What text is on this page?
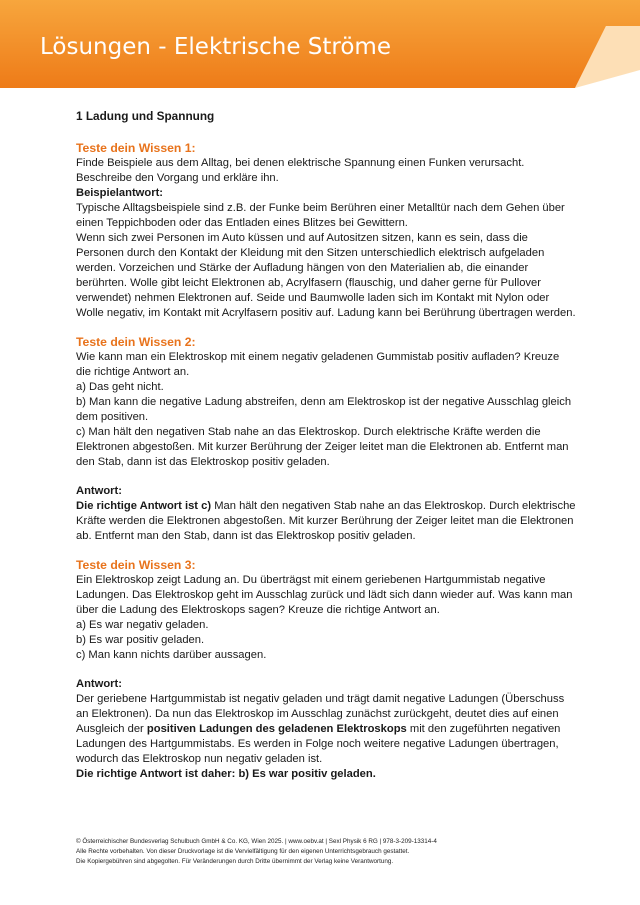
Lösungen - Elektrische Ströme

1 Ladung und Spannung

Teste dein Wissen 1:

Finde Beispiele aus dem Alltag, bei denen elektrische Spannung einen Funken verursacht. Beschreibe den Vorgang und erkläre ihn.

Beispielantwort:

Typische Alltagsbeispiele sind z.B. der Funke beim Berühren einer Metalltür nach dem Gehen über einen Teppichboden oder das Entladen eines Blitzes bei Gewittern.

Wenn sich zwei Personen im Auto küssen und auf Autositzen sitzen, kann es sein, dass die Personen durch den Kontakt der Kleidung mit den Sitzen unterschiedlich elektrisch aufgeladen werden. Vorzeichen und Stärke der Aufladung hängen von den Materialien ab, die einander berührten. Wolle gibt leicht Elektronen ab, Acrylfasern (flauschig, und daher gerne für Pullover verwendet) nehmen Elektronen auf. Seide und Baumwolle laden sich im Kontakt mit Nylon oder Wolle negativ, im Kontakt mit Acrylfasern positiv auf. Ladung kann bei Berührung übertragen werden.

Teste dein Wissen 2:

Wie kann man ein Elektroskop mit einem negativ geladenen Gummistab positiv aufladen? Kreuze die richtige Antwort an.

a) Das geht nicht.

b) Man kann die negative Ladung abstreifen, denn am Elektroskop ist der negative Ausschlag gleich dem positiven.

c) Man hält den negativen Stab nahe an das Elektroskop. Durch elektrische Kräfte werden die Elektronen abgestoßen. Mit kurzer Berührung der Zeiger leitet man die Elektronen ab. Entfernt man den Stab, dann ist das Elektroskop positiv geladen.

Antwort:

Die richtige Antwort ist c) Man hält den negativen Stab nahe an das Elektroskop. Durch elektrische Kräfte werden die Elektronen abgestoßen. Mit kurzer Berührung der Zeiger leitet man die Elektronen ab. Entfernt man den Stab, dann ist das Elektroskop positiv geladen.

Teste dein Wissen 3:

Ein Elektroskop zeigt Ladung an. Du überträgst mit einem geriebenen Hartgummistab negative Ladungen. Das Elektroskop geht im Ausschlag zurück und lädt sich dann wieder auf. Was kann man über die Ladung des Elektroskops sagen? Kreuze die richtige Antwort an.

a) Es war negativ geladen.

b) Es war positiv geladen.

c) Man kann nichts darüber aussagen.

Antwort:

Der geriebene Hartgummistab ist negativ geladen und trägt damit negative Ladungen (Überschuss an Elektronen). Da nun das Elektroskop im Ausschlag zunächst zurückgeht, deutet dies auf einen Ausgleich der positiven Ladungen des geladenen Elektroskops mit den zugeführten negativen Ladungen des Hartgummistabs. Es werden in Folge noch weitere negative Ladungen übertragen, wodurch das Elektroskop nun negativ geladen ist.

Die richtige Antwort ist daher: b) Es war positiv geladen.

© Österreichischer Bundesverlag Schulbuch GmbH & Co. KG, Wien 2025. | www.oebv.at | Sexl Physik 6 RG | 978-3-209-13314-4

Alle Rechte vorbehalten. Von dieser Druckvorlage ist die Vervielfältigung für den eigenen Unterrichtsgebrauch gestattet.

Die Kopiergebühren sind abgegolten. Für Veränderungen durch Dritte übernimmt der Verlag keine Verantwortung.
